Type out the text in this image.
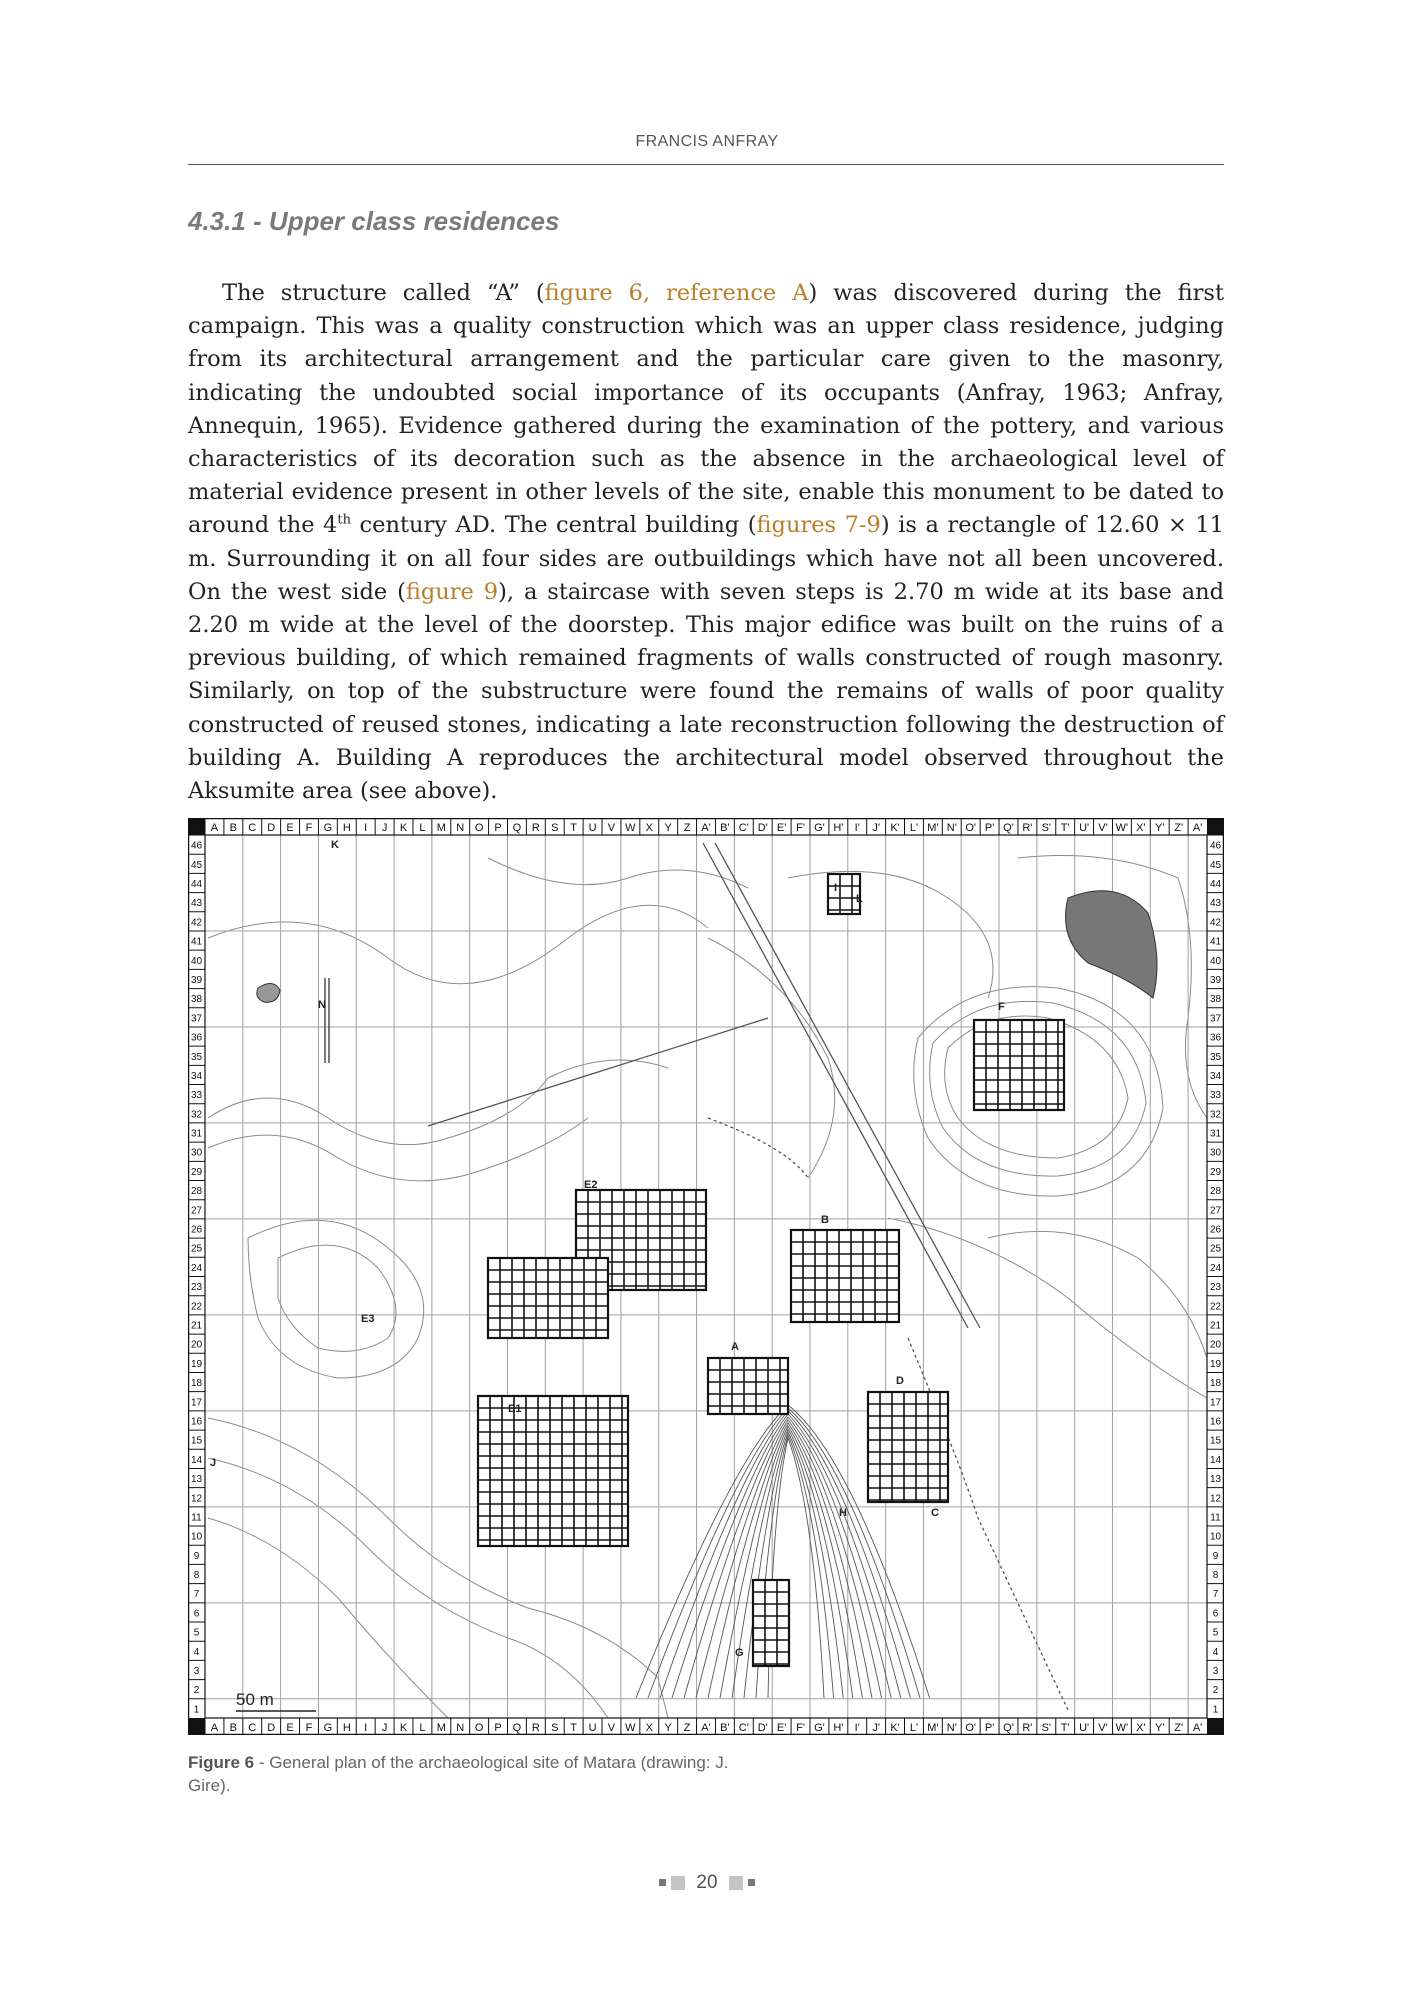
FRANCIS ANFRAY
4.3.1 - Upper class residences

The structure called “A” (figure 6, reference A) was discovered during the first campaign. This was a quality construction which was an upper class residence, judging from its architectural arrangement and the particular care given to the masonry, indicating the undoubted social importance of its occupants (Anfray, 1963; Anfray, Annequin, 1965). Evidence gathered during the examination of the pottery, and various characteristics of its decoration such as the absence in the archaeological level of material evidence present in other levels of the site, enable this monument to be dated to around the 4th century AD. The central building (figures 7-9) is a rectangle of 12.60 × 11 m. Surrounding it on all four sides are outbuildings which have not all been uncovered. On the west side (figure 9), a staircase with seven steps is 2.70 m wide at its base and 2.20 m wide at the level of the doorstep. This major edifice was built on the ruins of a previous building, of which remained fragments of walls constructed of rough masonry. Similarly, on top of the substructure were found the remains of walls of poor quality constructed of reused stones, indicating a late reconstruction following the destruction of building A. Building A reproduces the architectural model observed throughout the Aksumite area (see above).

A
A
B
B
C
C
D
D
E
E
F
F
G
G
H
H
I
I
J
J
K
K
L
L
M
M
N
N
O
O
P
P
Q
Q
R
R
S
S
T
T
U
U
V
V
W
W
X
X
Y
Y
Z
Z
A'
A'
B'
B'
C'
C'
D'
D'
E'
E'
F'
F'
G'
G'
H'
H'
I'
I'
J'
J'
K'
K'
L'
L'
M'
M'
N'
N'
O'
O'
P'
P'
Q'
Q'
R'
R'
S'
S'
T'
T'
U'
U'
V'
V'
W'
W'
X'
X'
Y'
Y'
Z'
Z'
A'
A'
46	46
45	45
44	44
43	43
42	42
41	41
40	40
39	39
38	38
37	37
36	36
35	35
34	34
33	33
32	32
31	31
30	30
29	29
28	28
27	27
26	26
25	25
24	24
23	23
22	22
21	21
20	20
19	19
18	18
17	17
16	16
15	15
14	14
13	13
12	12
11	11
10	10
9	9
8	8
7	7
6	6
5	5
4	4
3	3
2	2
1	1
K
F
E2
B
E3
A
E1
D
J
H	C
G
I
L
N
50 m
Figure 6 - General plan of the archaeological site of Matara (drawing: J. Gire).
20
